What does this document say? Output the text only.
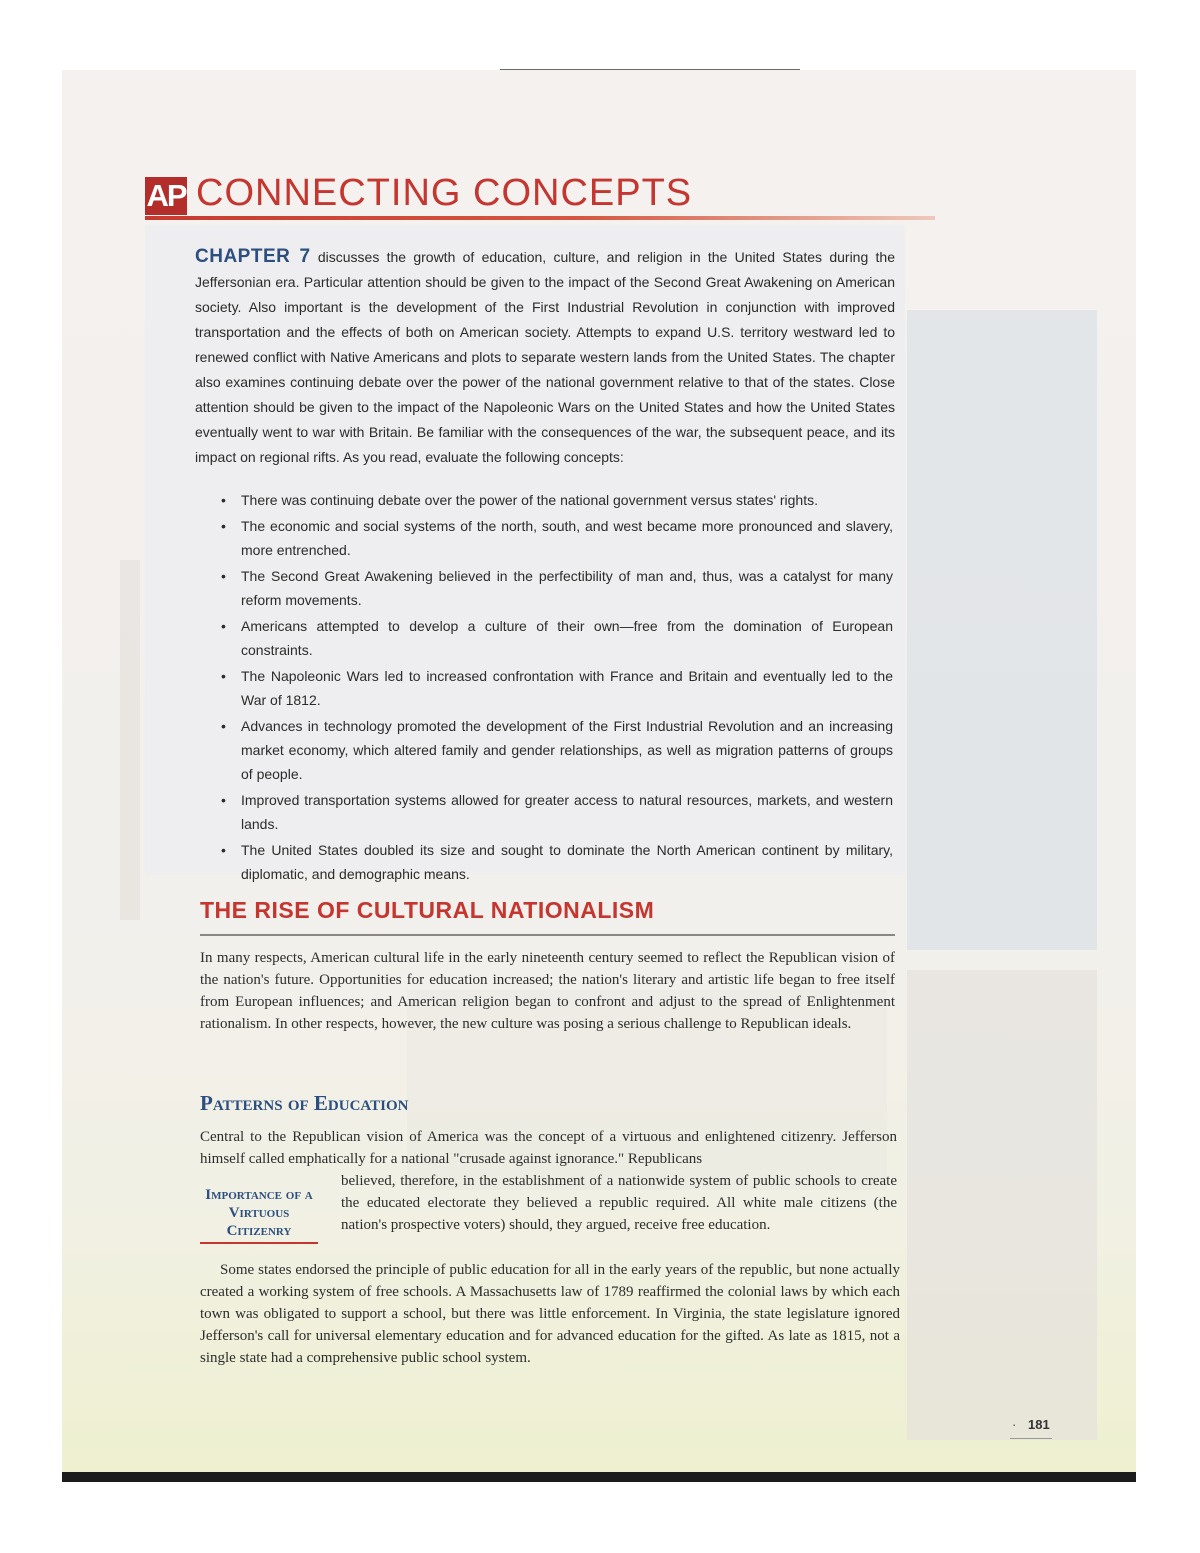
AP CONNECTING CONCEPTS

CHAPTER 7 discusses the growth of education, culture, and religion in the United States during the Jeffersonian era. Particular attention should be given to the impact of the Second Great Awakening on American society. Also important is the development of the First Industrial Revolution in conjunction with improved transportation and the effects of both on American society. Attempts to expand U.S. territory westward led to renewed conflict with Native Americans and plots to separate western lands from the United States. The chapter also examines continuing debate over the power of the national government relative to that of the states. Close attention should be given to the impact of the Napoleonic Wars on the United States and how the United States eventually went to war with Britain. Be familiar with the consequences of the war, the subsequent peace, and its impact on regional rifts. As you read, evaluate the following concepts:

• There was continuing debate over the power of the national government versus states' rights.
• The economic and social systems of the north, south, and west became more pronounced and slavery, more entrenched.
• The Second Great Awakening believed in the perfectibility of man and, thus, was a catalyst for many reform movements.
• Americans attempted to develop a culture of their own—free from the domination of European constraints.
• The Napoleonic Wars led to increased confrontation with France and Britain and eventually led to the War of 1812.
• Advances in technology promoted the development of the First Industrial Revolution and an increasing market economy, which altered family and gender relationships, as well as migration patterns of groups of people.
• Improved transportation systems allowed for greater access to natural resources, markets, and western lands.
• The United States doubled its size and sought to dominate the North American continent by military, diplomatic, and demographic means.
THE RISE OF CULTURAL NATIONALISM

In many respects, American cultural life in the early nineteenth century seemed to reflect the Republican vision of the nation's future. Opportunities for education increased; the nation's literary and artistic life began to free itself from European influences; and American religion began to confront and adjust to the spread of Enlightenment rationalism. In other respects, however, the new culture was posing a serious challenge to Republican ideals.

Patterns of Education

Central to the Republican vision of America was the concept of a virtuous and enlightened citizenry. Jefferson himself called emphatically for a national "crusade against ignorance." Republicans

Importance of a Virtuous Citizenry

believed, therefore, in the establishment of a nationwide system of public schools to create the educated electorate they believed a republic required. All white male citizens (the nation's prospective voters) should, they argued, receive free education.

Some states endorsed the principle of public education for all in the early years of the republic, but none actually created a working system of free schools. A Massachusetts law of 1789 reaffirmed the colonial laws by which each town was obligated to support a school, but there was little enforcement. In Virginia, the state legislature ignored Jefferson's call for universal elementary education and for advanced education for the gifted. As late as 1815, not a single state had a comprehensive public school system.

· 181
